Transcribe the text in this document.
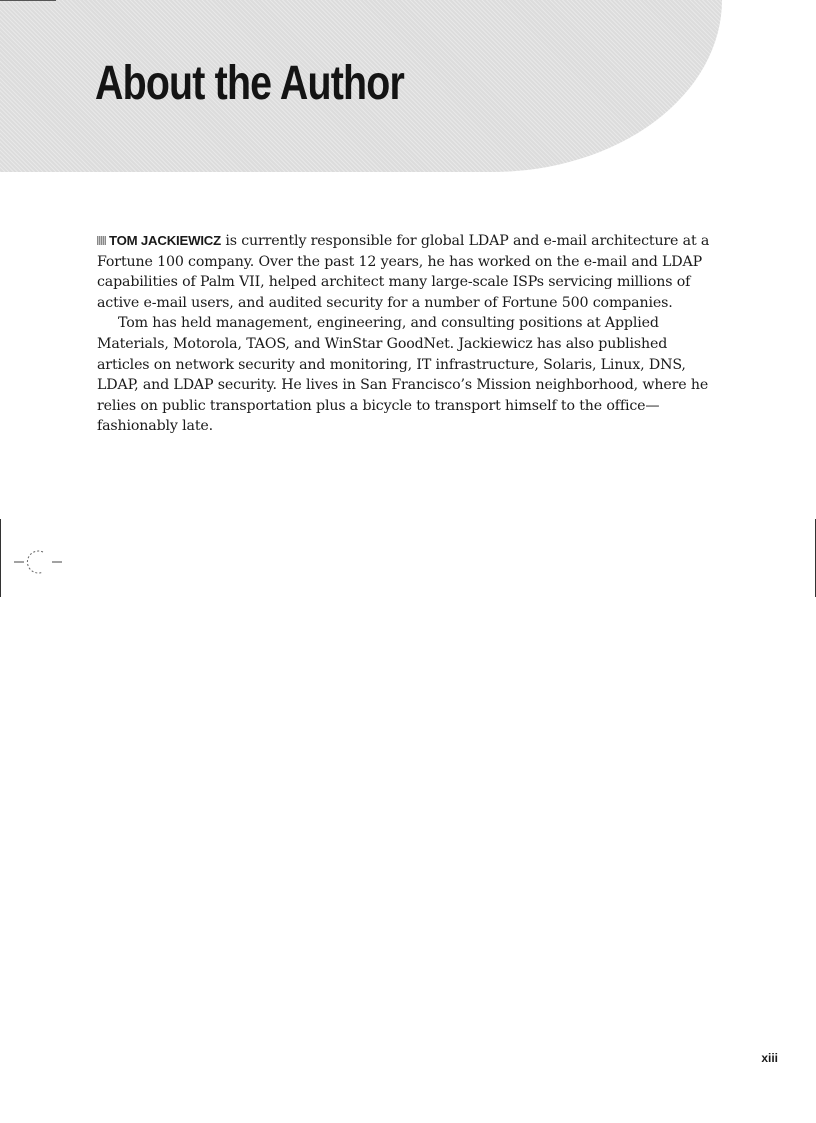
About the Author

TOM JACKIEWICZ is currently responsible for global LDAP and e-mail architecture at a Fortune 100 company. Over the past 12 years, he has worked on the e-mail and LDAP capabilities of Palm VII, helped architect many large-scale ISPs servicing millions of active e-mail users, and audited security for a number of Fortune 500 companies.

Tom has held management, engineering, and consulting positions at Applied Materials, Motorola, TAOS, and WinStar GoodNet. Jackiewicz has also published articles on network security and monitoring, IT infrastructure, Solaris, Linux, DNS, LDAP, and LDAP security. He lives in San Francisco’s Mission neighborhood, where he relies on public transportation plus a bicycle to transport himself to the office—fashionably late.

xiii
